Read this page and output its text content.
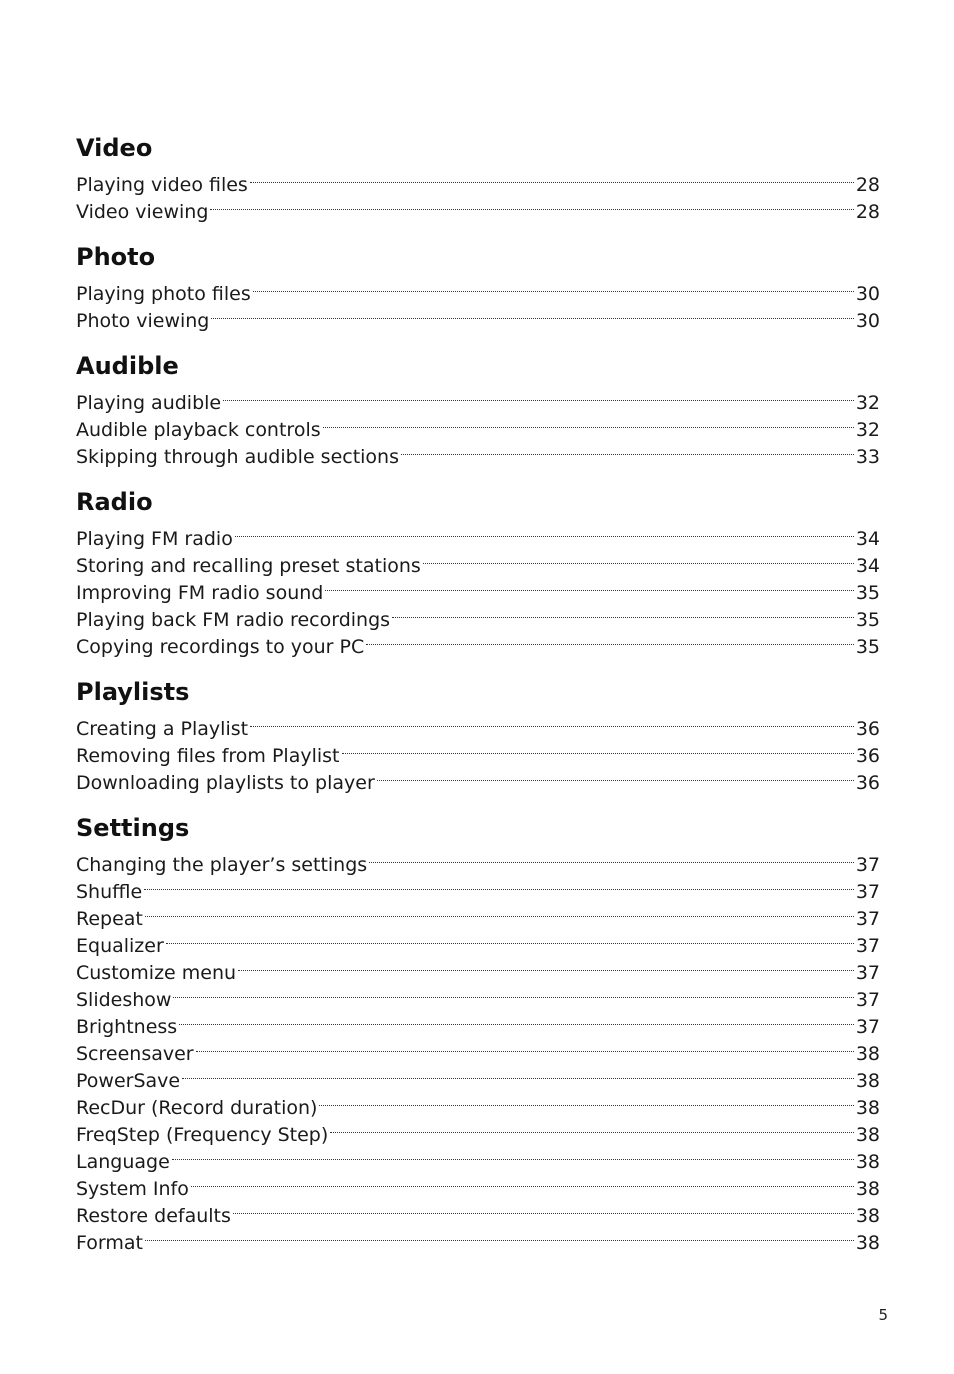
Video
Playing video files	28
Video viewing	28
Photo
Playing photo files	30
Photo viewing	30
Audible
Playing audible	32
Audible playback controls	32
Skipping through audible sections	33
Radio
Playing FM radio	34
Storing and recalling preset stations	34
Improving FM radio sound	35
Playing back FM radio recordings	35
Copying recordings to your PC	35
Playlists
Creating a Playlist	36
Removing files from Playlist	36
Downloading playlists to player	36
Settings
Changing the player’s settings	37
Shuffle	37
Repeat	37
Equalizer	37
Customize menu	37
Slideshow	37
Brightness	37
Screensaver	38
PowerSave	38
RecDur (Record duration)	38
FreqStep (Frequency Step)	38
Language	38
System Info	38
Restore defaults	38
Format	38
5
